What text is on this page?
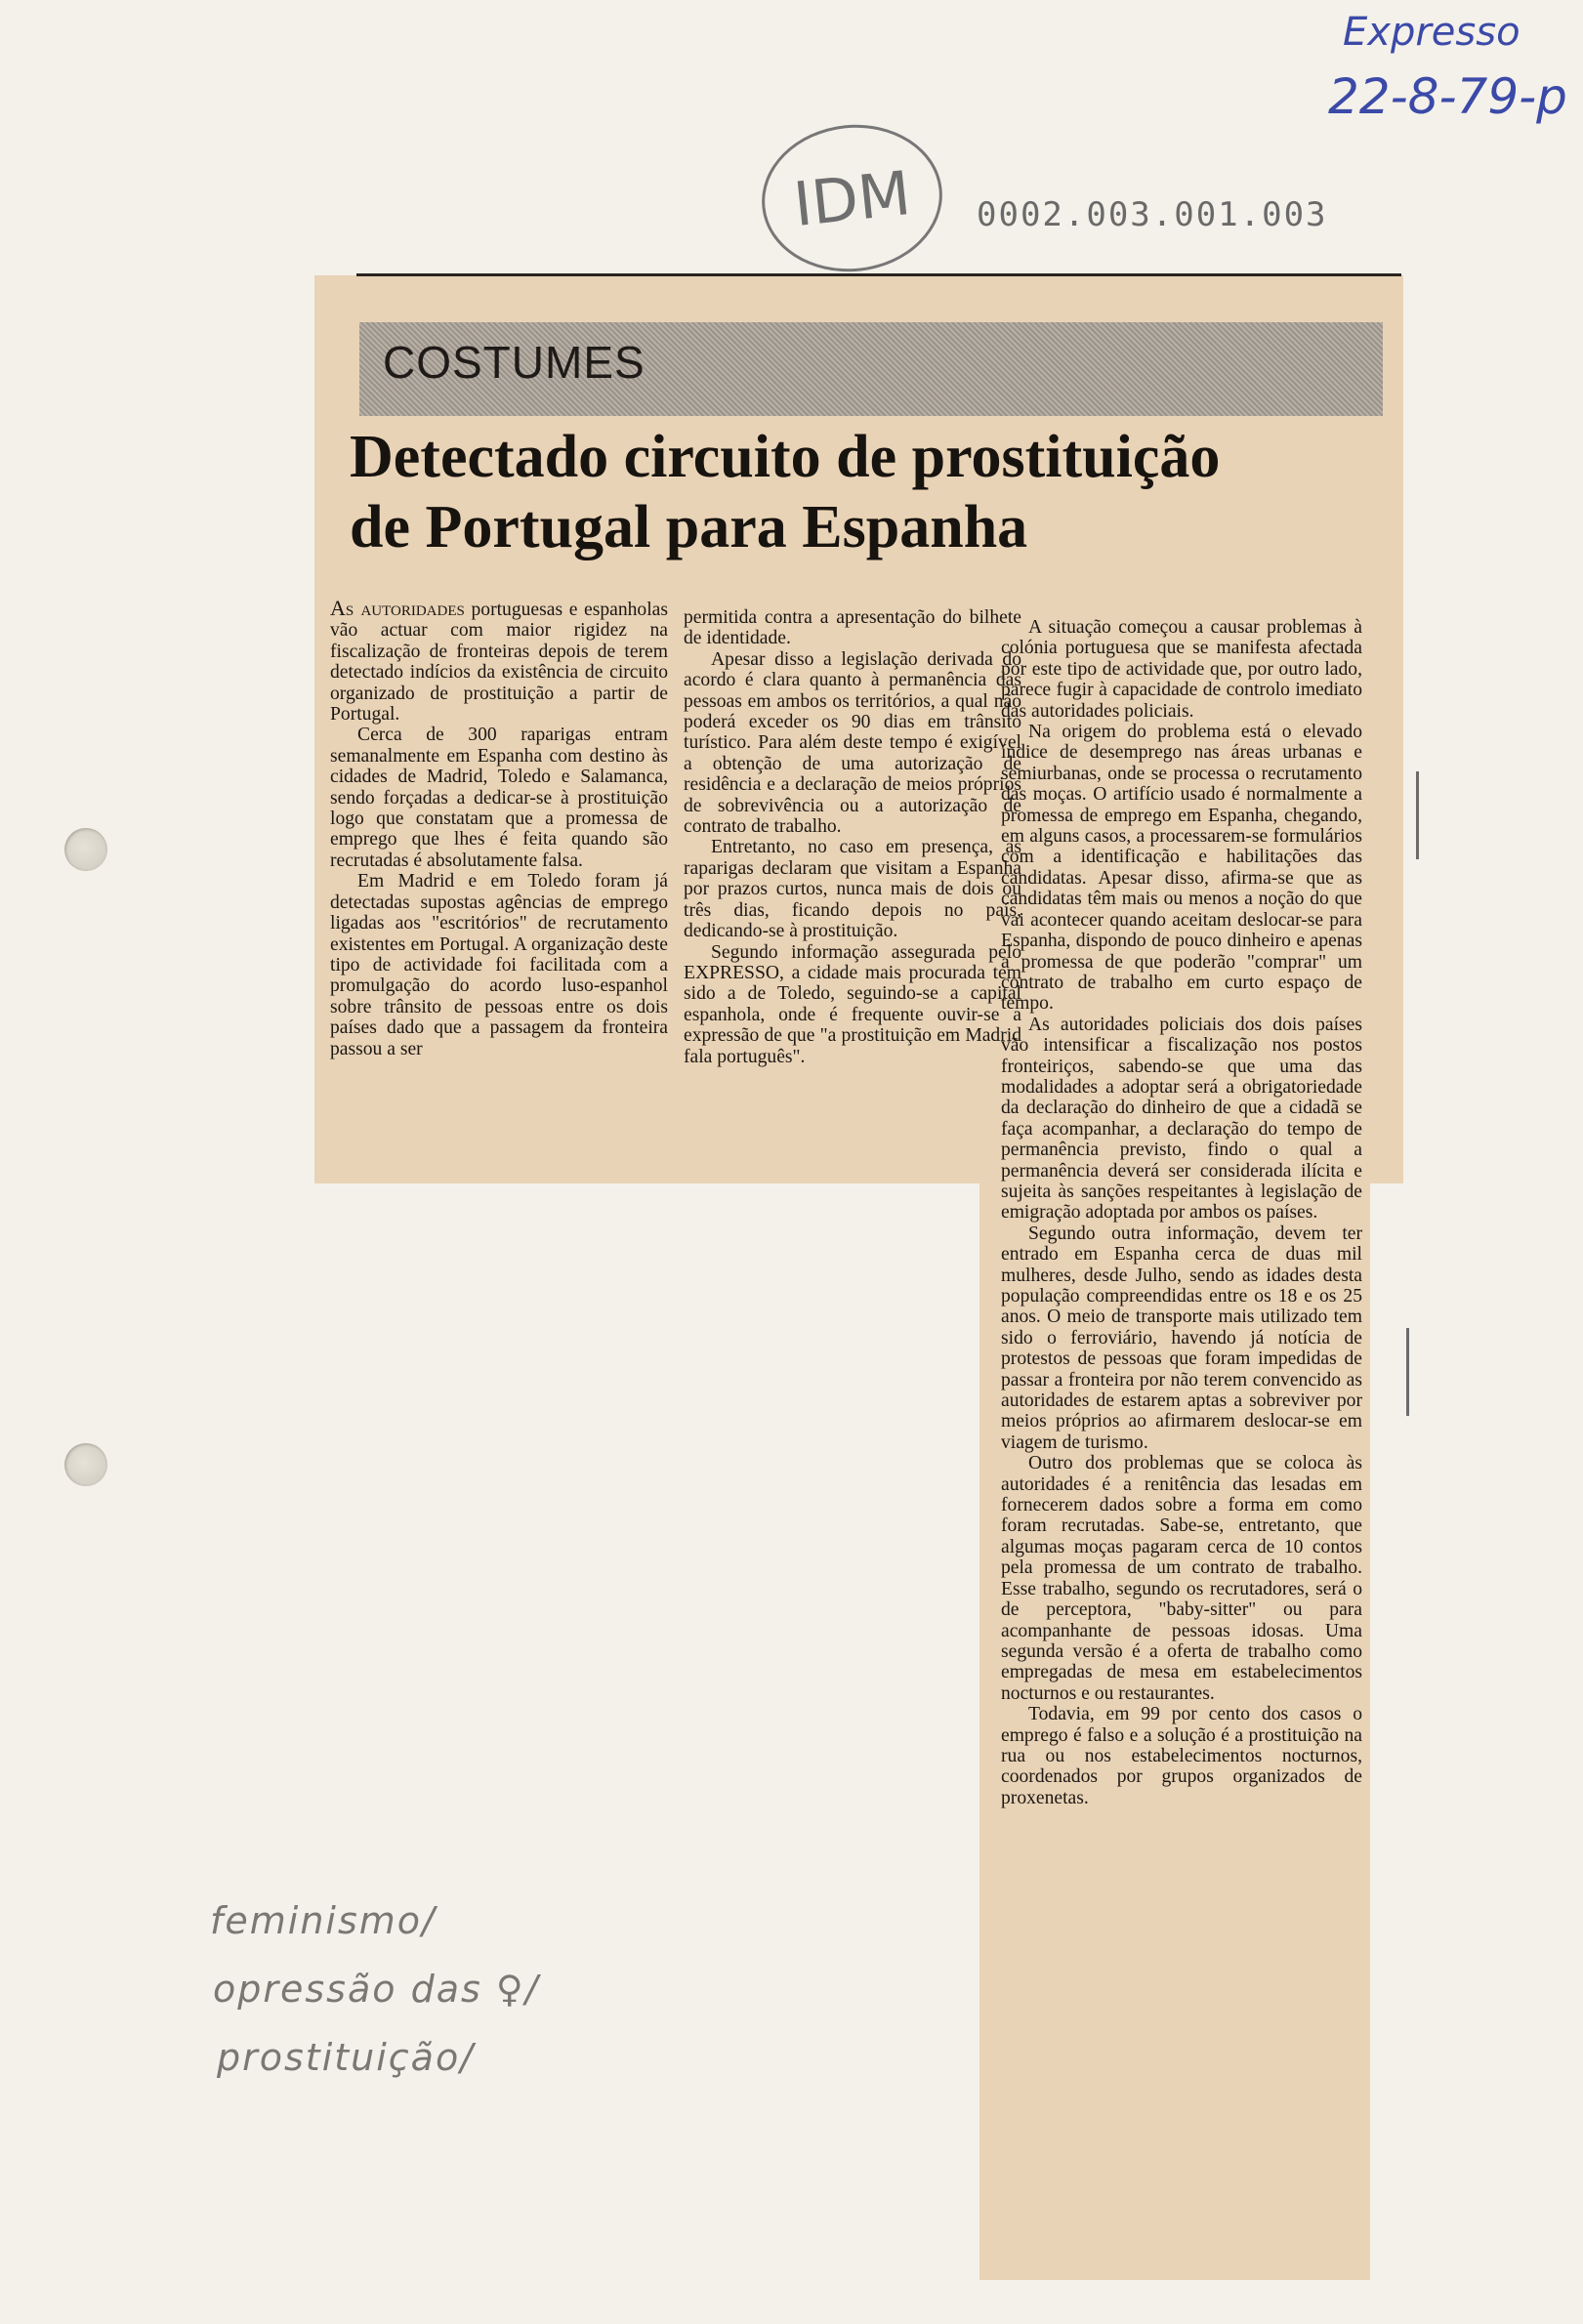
Expresso
22-8-79-p
IDM 0002.003.001.003
COSTUMES
Detectado circuito de prostituição
de Portugal para Espanha

As autoridades portuguesas e espanholas vão actuar com maior rigidez na fiscalização de fronteiras depois de terem detectado indícios da existência de circuito organizado de prostituição a partir de Portugal.

Cerca de 300 raparigas entram semanalmente em Espanha com destino às cidades de Madrid, Toledo e Salamanca, sendo forçadas a dedicar-se à prostituição logo que constatam que a promessa de emprego que lhes é feita quando são recrutadas é absolutamente falsa.

Em Madrid e em Toledo foram já detectadas supostas agências de emprego ligadas aos "escritórios" de recrutamento existentes em Portugal. A organização deste tipo de actividade foi facilitada com a promulgação do acordo luso-espanhol sobre trânsito de pessoas entre os dois países dado que a passagem da fronteira passou a ser

permitida contra a apresentação do bilhete de identidade.

Apesar disso a legislação derivada do acordo é clara quanto à permanência das pessoas em ambos os territórios, a qual não poderá exceder os 90 dias em trânsito turístico. Para além deste tempo é exigível a obtenção de uma autorização de residência e a declaração de meios próprios de sobrevivência ou a autorização de contrato de trabalho.

Entretanto, no caso em presença, as raparigas declaram que visitam a Espanha por prazos curtos, nunca mais de dois ou três dias, ficando depois no país, dedicando-se à prostituição.

Segundo informação assegurada pelo EXPRESSO, a cidade mais procurada tem sido a de Toledo, seguindo-se a capital espanhola, onde é frequente ouvir-se a expressão de que "a prostituição em Madrid fala português".

A situação começou a causar problemas à colónia portuguesa que se manifesta afectada por este tipo de actividade que, por outro lado, parece fugir à capacidade de controlo imediato das autoridades policiais.

Na origem do problema está o elevado índice de desemprego nas áreas urbanas e semiurbanas, onde se processa o recrutamento das moças. O artifício usado é normalmente a promessa de emprego em Espanha, chegando, em alguns casos, a processarem-se formulários com a identificação e habilitações das candidatas. Apesar disso, afirma-se que as candidatas têm mais ou menos a noção do que vai acontecer quando aceitam deslocar-se para Espanha, dispondo de pouco dinheiro e apenas a promessa de que poderão "comprar" um contrato de trabalho em curto espaço de tempo.

As autoridades policiais dos dois países vão intensificar a fiscalização nos postos fronteiriços, sabendo-se que uma das modalidades a adoptar será a obrigatoriedade da declaração do dinheiro de que a cidadã se faça acompanhar, a declaração do tempo de permanência previsto, findo o qual a permanência deverá ser considerada ilícita e sujeita às sanções respeitantes à legislação de emigração adoptada por ambos os países.

Segundo outra informação, devem ter entrado em Espanha cerca de duas mil mulheres, desde Julho, sendo as idades desta população compreendidas entre os 18 e os 25 anos. O meio de transporte mais utilizado tem sido o ferroviário, havendo já notícia de protestos de pessoas que foram impedidas de passar a fronteira por não terem convencido as autoridades de estarem aptas a sobreviver por meios próprios ao afirmarem deslocar-se em viagem de turismo.

Outro dos problemas que se coloca às autoridades é a renitência das lesadas em fornecerem dados sobre a forma em como foram recrutadas. Sabe-se, entretanto, que algumas moças pagaram cerca de 10 contos pela promessa de um contrato de trabalho. Esse trabalho, segundo os recrutadores, será o de perceptora, "baby-sitter" ou para acompanhante de pessoas idosas. Uma segunda versão é a oferta de trabalho como empregadas de mesa em estabelecimentos nocturnos e ou restaurantes.

Todavia, em 99 por cento dos casos o emprego é falso e a solução é a prostituição na rua ou nos estabelecimentos nocturnos, coordenados por grupos organizados de proxenetas.

feminismo/
opressão das ♀/
prostituição/
